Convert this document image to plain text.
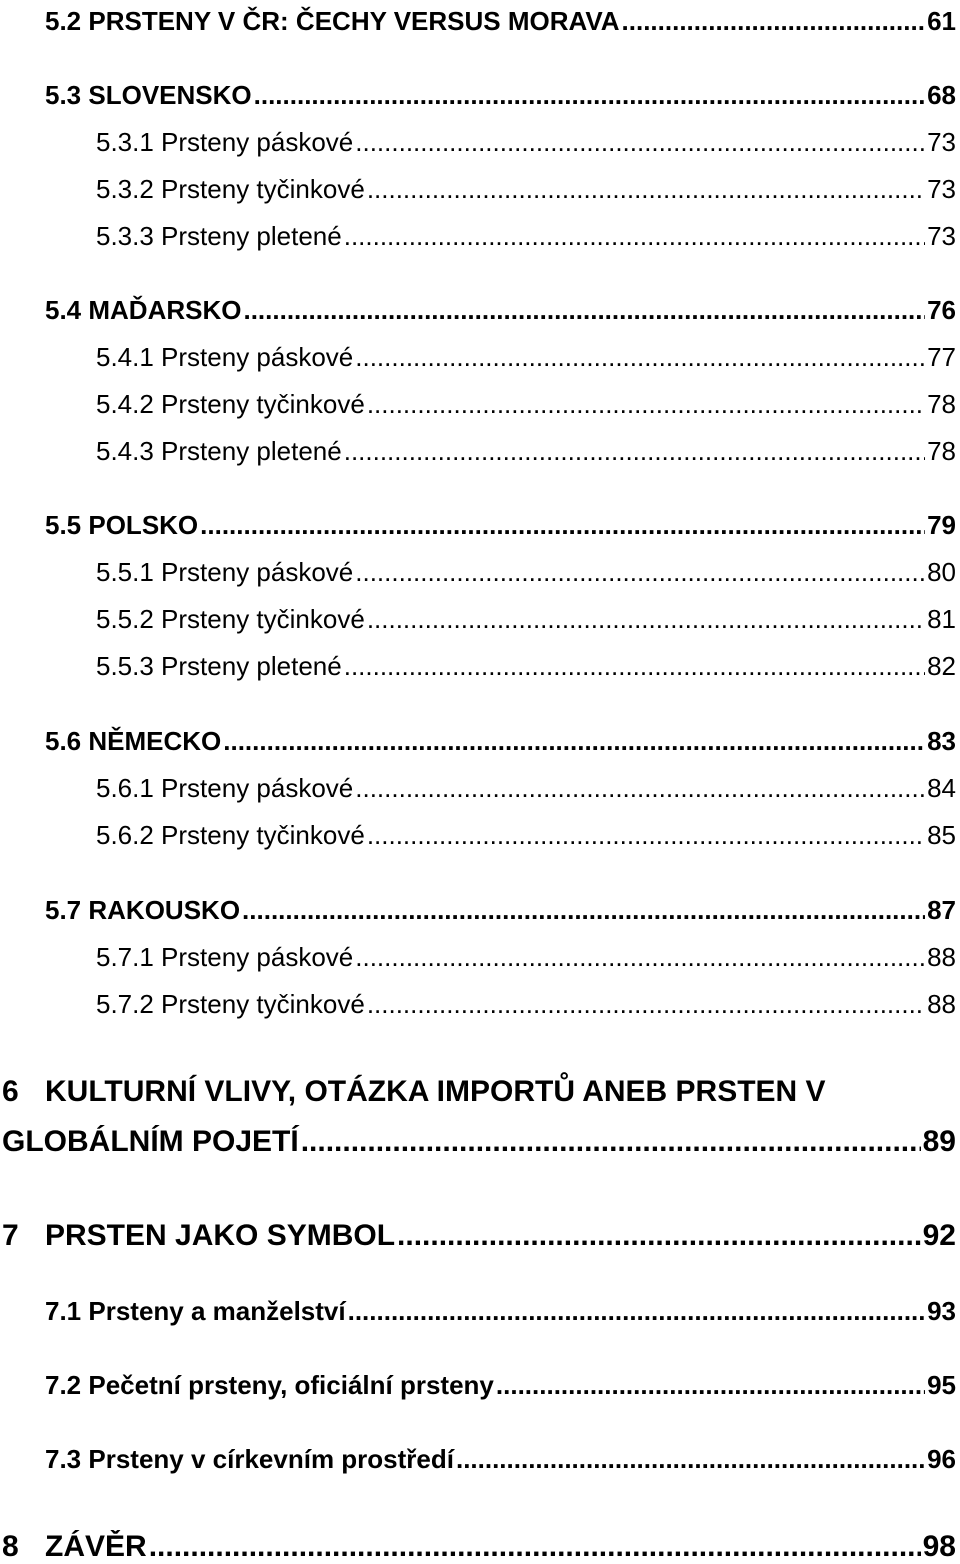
5.2 PRSTENY V ČR: ČECHY VERSUS MORAVA .....	61
5.3 SLOVENSKO .....	68
5.3.1 Prsteny páskové .....	73
5.3.2 Prsteny tyčinkové .....	73
5.3.3 Prsteny pletené .....	73
5.4 MAĎARSKO .....	76
5.4.1 Prsteny páskové .....	77
5.4.2 Prsteny tyčinkové .....	78
5.4.3 Prsteny pletené .....	78
5.5 POLSKO .....	79
5.5.1 Prsteny páskové .....	80
5.5.2 Prsteny tyčinkové .....	81
5.5.3 Prsteny pletené .....	82
5.6 NĚMECKO .....	83
5.6.1 Prsteny páskové .....	84
5.6.2 Prsteny tyčinkové .....	85
5.7 RAKOUSKO .....	87
5.7.1 Prsteny páskové .....	88
5.7.2 Prsteny tyčinkové .....	88
6 KULTURNÍ VLIVY, OTÁZKA IMPORTŮ ANEB PRSTEN V
GLOBÁLNÍM POJETÍ .....	89
7 PRSTEN JAKO SYMBOL .....	92
7.1 Prsteny a manželství .....	93
7.2 Pečetní prsteny, oficiální prsteny .....	95
7.3 Prsteny v církevním prostředí .....	96
8 ZÁVĚR .....	98
